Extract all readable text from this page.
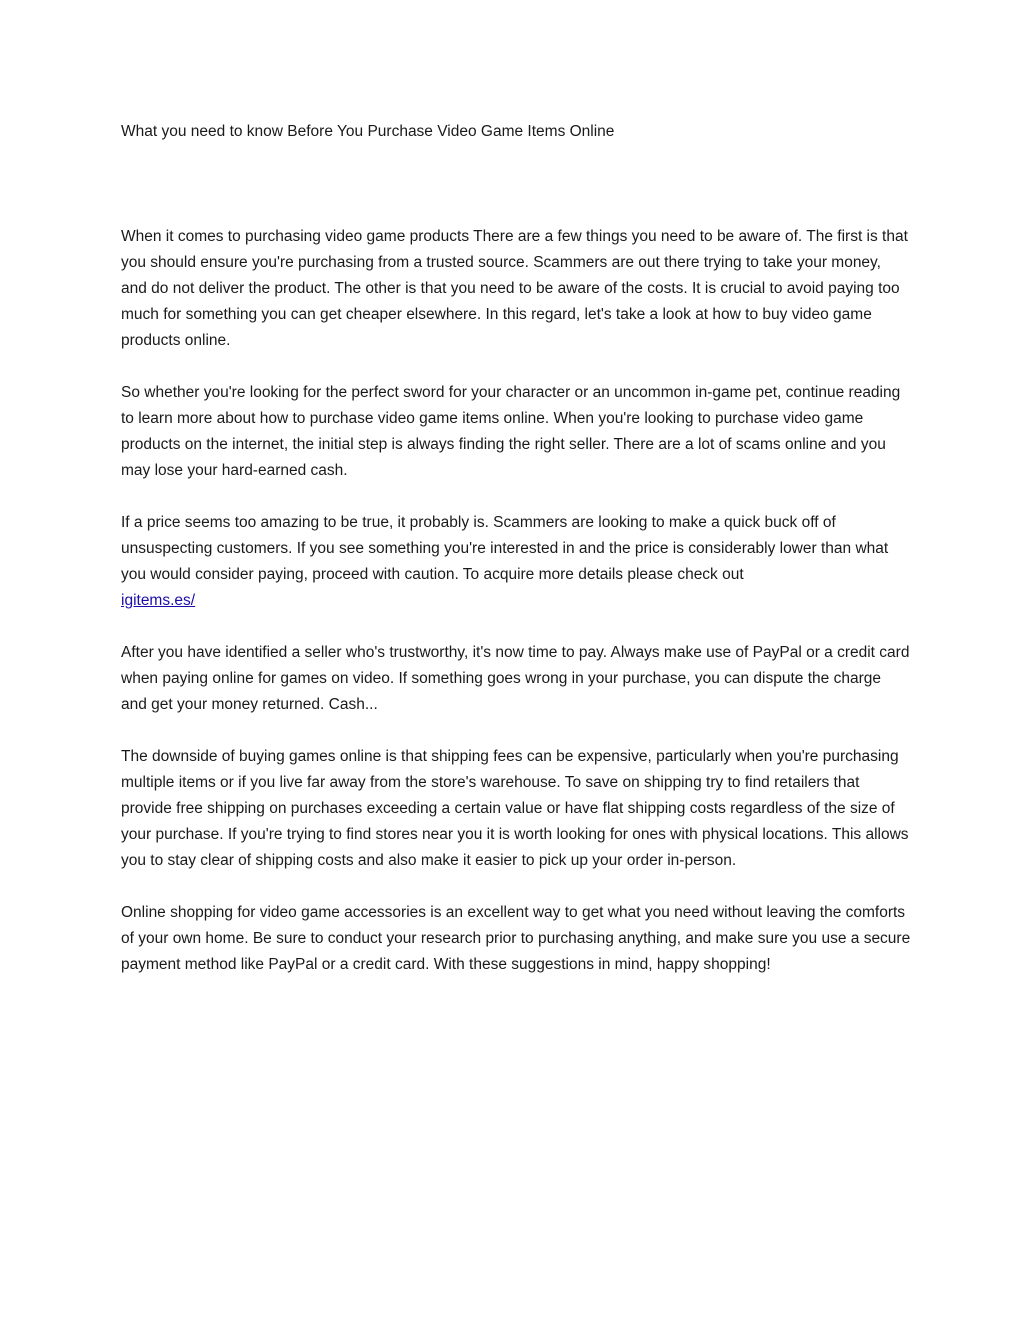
What you need to know Before You Purchase Video Game Items Online

When it comes to purchasing video game products There are a few things you need to be aware of. The first is that you should ensure you're purchasing from a trusted source. Scammers are out there trying to take your money, and do not deliver the product. The other is that you need to be aware of the costs. It is crucial to avoid paying too much for something you can get cheaper elsewhere. In this regard, let's take a look at how to buy video game products online.

So whether you're looking for the perfect sword for your character or an uncommon in-game pet, continue reading to learn more about how to purchase video game items online. When you're looking to purchase video game products on the internet, the initial step is always finding the right seller. There are a lot of scams online and you may lose your hard-earned cash.

If a price seems too amazing to be true, it probably is. Scammers are looking to make a quick buck off of unsuspecting customers. If you see something you're interested in and the price is considerably lower than what you would consider paying, proceed with caution. To acquire more details please check out
igitems.es/

After you have identified a seller who's trustworthy, it's now time to pay. Always make use of PayPal or a credit card when paying online for games on video. If something goes wrong in your purchase, you can dispute the charge and get your money returned. Cash...

The downside of buying games online is that shipping fees can be expensive, particularly when you're purchasing multiple items or if you live far away from the store's warehouse. To save on shipping try to find retailers that provide free shipping on purchases exceeding a certain value or have flat shipping costs regardless of the size of your purchase. If you're trying to find stores near you it is worth looking for ones with physical locations. This allows you to stay clear of shipping costs and also make it easier to pick up your order in-person.

Online shopping for video game accessories is an excellent way to get what you need without leaving the comforts of your own home. Be sure to conduct your research prior to purchasing anything, and make sure you use a secure payment method like PayPal or a credit card. With these suggestions in mind, happy shopping!
